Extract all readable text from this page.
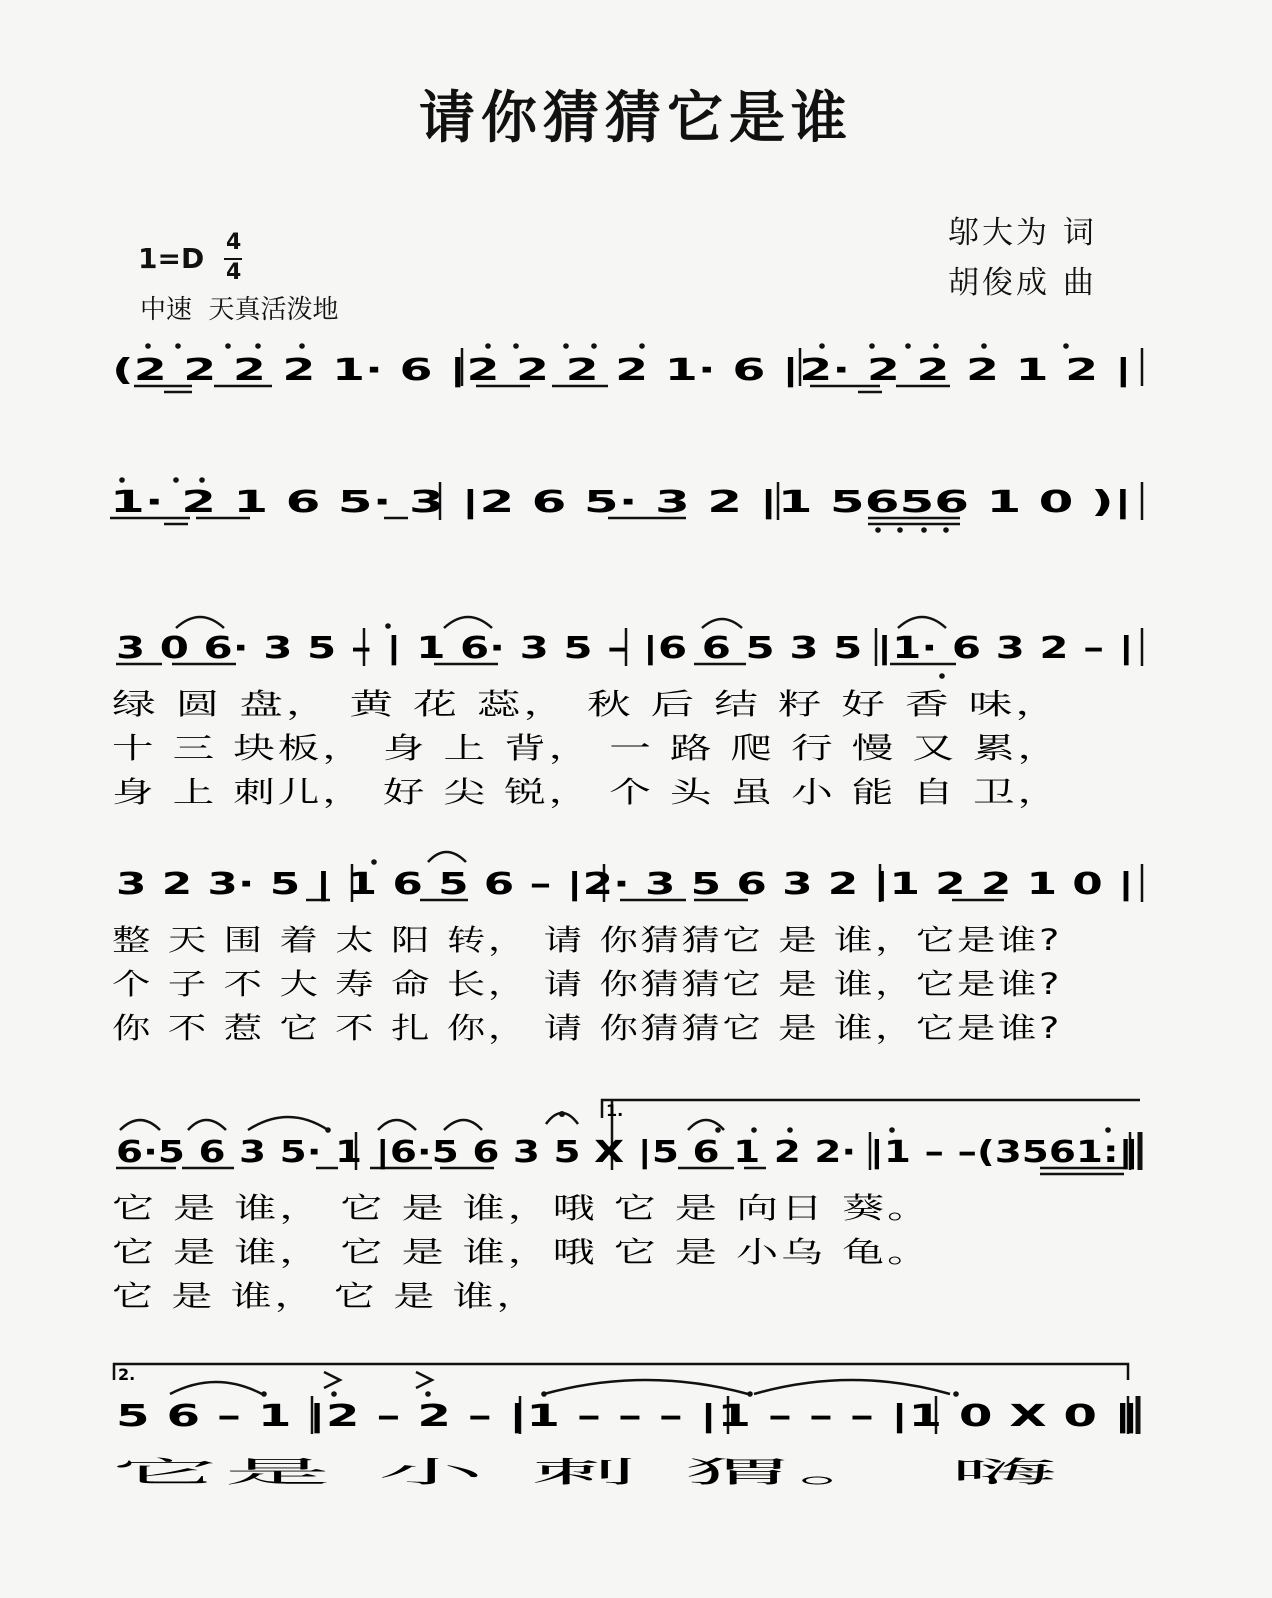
请你猜猜它是谁
邬大为 词
胡俊成 曲
1=D 4
4
中速  天真活泼地
1.
2.
(2 2 2 2 1· 6 |2 2 2 2 1· 6 |2· 2 2 2 1 2 |
1· 2 1 6 5· 3 |2 6 5· 3 2 |1 5656 1 0 )|
3 0 6· 3 5 – | 1 6· 3 5 – |6 6 5 3 5 |1· 6 3 2 – |
3 2 3· 5 | 1 6 5 6 – |2· 3 5 6 3 2 |1 2 2 1 0 |
6·5 6 3 5· 1 |6·5 6 3 5 X |5 6 1 2 2· |1 – –(3561:‖
5 6 – 1 |2 – 2 – |1 – – – |1 – – – |1 0 X 0 ‖
绿 圆 盘， 黄 花 蕊， 秋 后 结 籽 好 香 味，
十 三 块板， 身 上 背， 一 路 爬 行 慢 又 累，
身 上 刺儿， 好 尖 锐， 个 头 虽 小 能 自 卫，
整 天 围 着 太 阳 转， 请 你猜猜它 是 谁，它是谁?
个 子 不 大 寿 命 长， 请 你猜猜它 是 谁，它是谁?
你 不 惹 它 不 扎 你， 请 你猜猜它 是 谁，它是谁?
它 是 谁， 它 是 谁，哦 它 是 向日 葵。
它 是 谁， 它 是 谁，哦 它 是 小乌 龟。
它 是 谁， 它 是 谁，
它是 小 刺 猬。 嗨
